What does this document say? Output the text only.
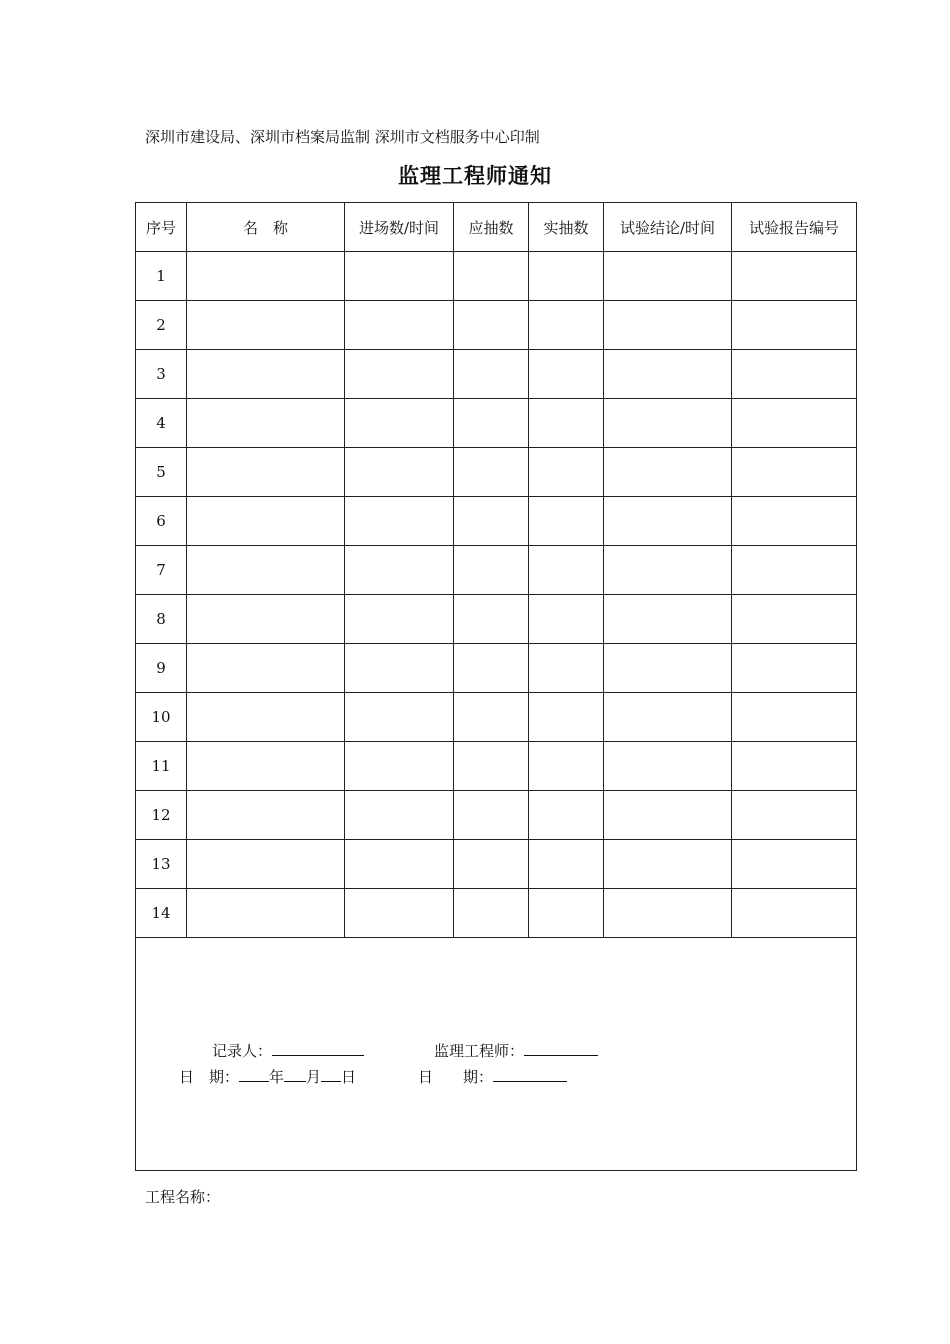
深圳市建设局、深圳市档案局监制 深圳市文档服务中心印制
监理工程师通知
序号	名　称	进场数/时间	应抽数	实抽数	试验结论/时间	试验报告编号
1						
2						
3						
4						
5						
6						
7						
8						
9						
10						
11						
12						
13						
14						

记录人： 监理工程师：
日　期： 年 月 日 日　　期：						
工程名称：
